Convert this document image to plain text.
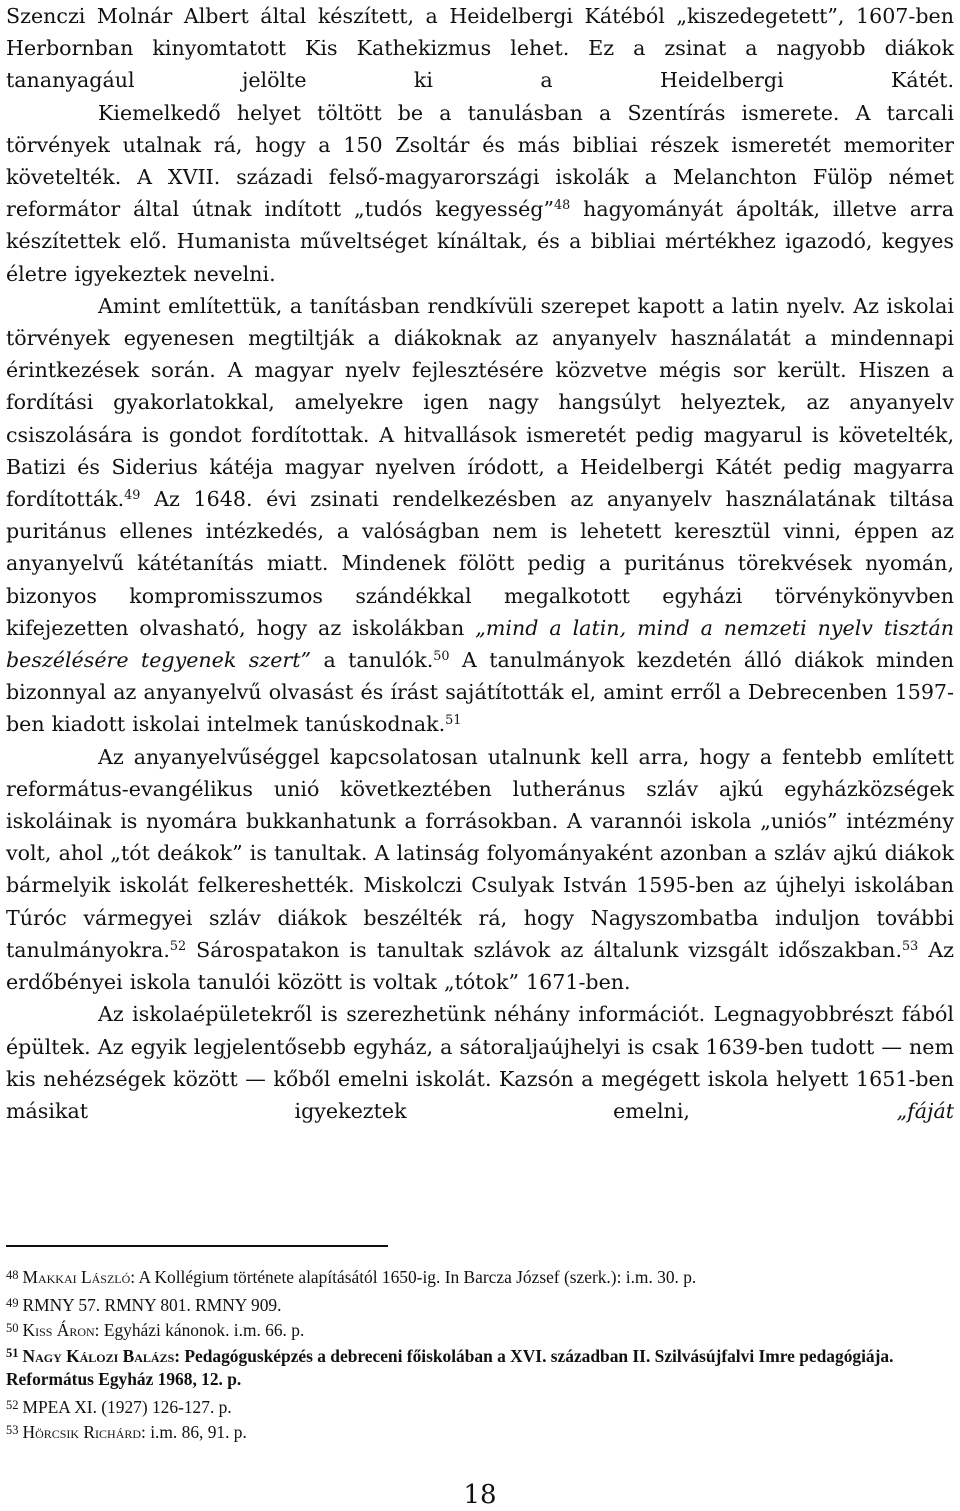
Szenczi Molnár Albert által készített, a Heidelbergi Kátéból „kiszedegetett”, 1607-ben Herbornban kinyomtatott Kis Kathekizmus lehet. Ez a zsinat a nagyobb diákok tananyagául jelölte ki a Heidelbergi Kátét.

Kiemelkedő helyet töltött be a tanulásban a Szentírás ismerete. A tarcali törvények utalnak rá, hogy a 150 Zsoltár és más bibliai részek ismeretét memoriter követelték. A XVII. századi felső-magyarországi iskolák a Melanchton Fülöp német reformátor által útnak indított „tudós kegyesség”$^{48}$ hagyományát ápolták, illetve arra készítettek elő. Humanista műveltséget kínáltak, és a bibliai mértékhez igazodó, kegyes életre igyekeztek nevelni.

Amint említettük, a tanításban rendkívüli szerepet kapott a latin nyelv. Az iskolai törvények egyenesen megtiltják a diákoknak az anyanyelv használatát a mindennapi érintkezések során. A magyar nyelv fejlesztésére közvetve mégis sor került. Hiszen a fordítási gyakorlatokkal, amelyekre igen nagy hangsúlyt helyeztek, az anyanyelv csiszolására is gondot fordítottak. A hitvallások ismeretét pedig magyarul is követelték, Batizi és Siderius kátéja magyar nyelven íródott, a Heidelbergi Kátét pedig magyarra fordították.$^{49}$ Az 1648. évi zsinati rendelkezésben az anyanyelv használatának tiltása puritánus ellenes intézkedés, a valóságban nem is lehetett keresztül vinni, éppen az anyanyelvű kátétanítás miatt. Mindenek fölött pedig a puritánus törekvések nyomán, bizonyos kompromisszumos szándékkal megalkotott egyházi törvénykönyvben kifejezetten olvasható, hogy az iskolákban „mind a latin, mind a nemzeti nyelv tisztán beszélésére tegyenek szert” a tanulók.$^{50}$ A tanulmányok kezdetén álló diákok minden bizonnyal az anyanyelvű olvasást és írást sajátították el, amint erről a Debrecenben 1597-ben kiadott iskolai intelmek tanúskodnak.$^{51}$

Az anyanyelvűséggel kapcsolatosan utalnunk kell arra, hogy a fentebb említett református-evangélikus unió következtében lutheránus szláv ajkú egyházközségek iskoláinak is nyomára bukkanhatunk a forrásokban. A varannói iskola „uniós” intézmény volt, ahol „tót deákok” is tanultak. A latinság folyományaként azonban a szláv ajkú diákok bármelyik iskolát felkereshették. Miskolczi Csulyak István 1595-ben az újhelyi iskolában Túróc vármegyei szláv diákok beszélték rá, hogy Nagyszombatba induljon további tanulmányokra.$^{52}$ Sárospatakon is tanultak szlávok az általunk vizsgált időszakban.$^{53}$ Az erdőbényei iskola tanulói között is voltak „tótok” 1671-ben.

Az iskolaépületekről is szerezhetünk néhány információt. Legnagyobbrészt fából épültek. Az egyik legjelentősebb egyház, a sátoraljaújhelyi is csak 1639-ben tudott — nem kis nehézségek között — kőből emelni iskolát. Kazsón a megégett iskola helyett 1651-ben másikat igyekeztek emelni, „fáját

$^{48}$ Makkai László: A Kollégium története alapításától 1650-ig. In Barcza József (szerk.): i.m. 30. p.
$^{49}$ RMNY 57. RMNY 801. RMNY 909.
$^{50}$ Kiss Áron: Egyházi kánonok. i.m. 66. p.
$^{51}$ Nagy Kálozi Balázs: Pedagógusképzés a debreceni főiskolában a XVI. században II. Szilvásújfalvi Imre pedagógiája. Református Egyház 1968, 12. p.
$^{52}$ MPEA XI. (1927) 126-127. p.
$^{53}$ Hörcsik Richárd: i.m. 86, 91. p.
18
